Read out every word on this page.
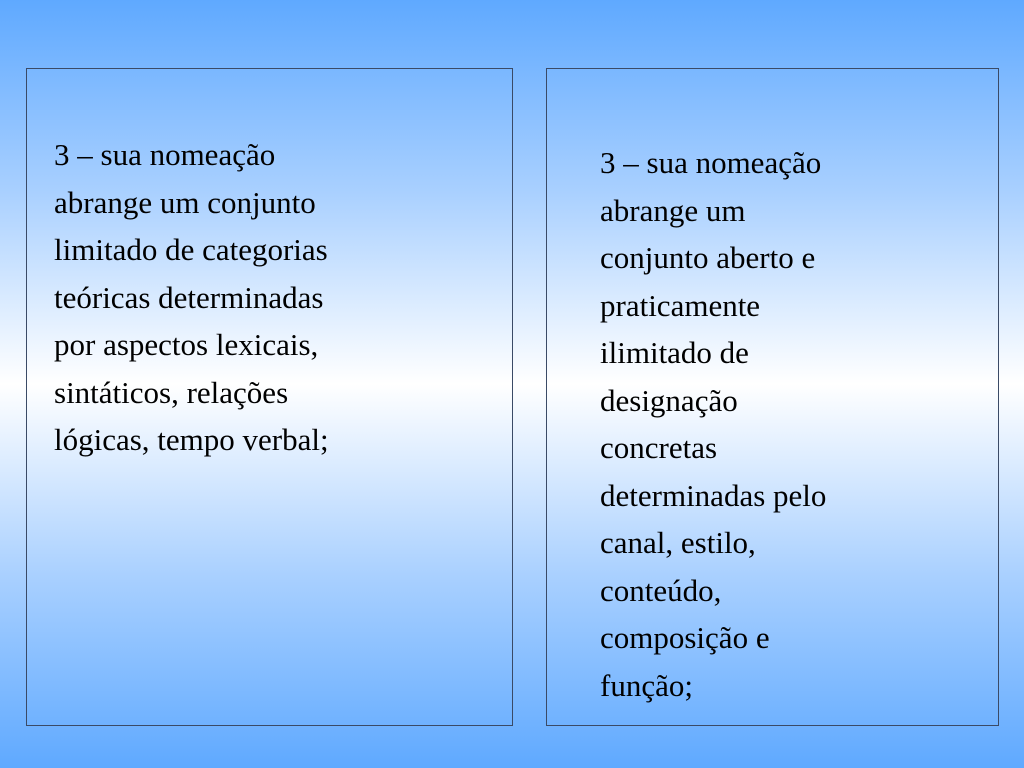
3 – sua nomeação
abrange um conjunto
limitado de categorias
teóricas determinadas
por aspectos lexicais,
sintáticos, relações
lógicas, tempo verbal;

3 – sua nomeação
abrange um
conjunto aberto e
praticamente
ilimitado de
designação
concretas
determinadas pelo
canal, estilo,
conteúdo,
composição e
função;
